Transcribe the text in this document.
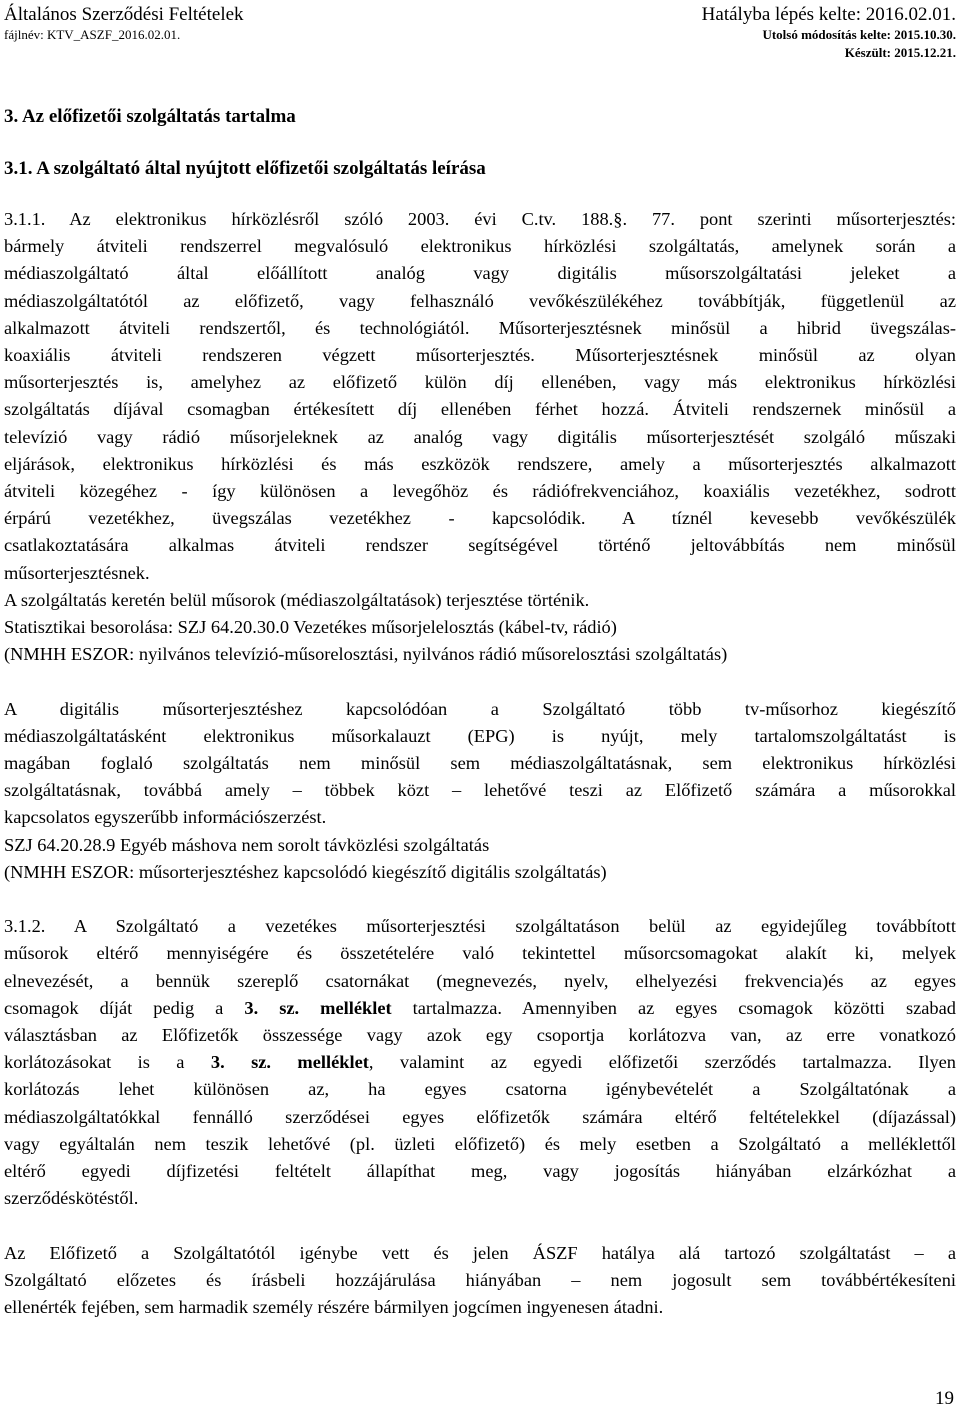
Általános Szerződési Feltételek
fájlnév: KTV_ASZF_2016.02.01.
Hatályba lépés kelte: 2016.02.01.
Utolsó módosítás kelte: 2015.10.30.
Készült: 2015.12.21.
3. Az előfizetői szolgáltatás tartalma
3.1. A szolgáltató által nyújtott előfizetői szolgáltatás leírása

3.1.1. Az elektronikus hírközlésről szóló 2003. évi C.tv. 188.§. 77. pont szerinti műsorterjesztés:

bármely átviteli rendszerrel megvalósuló elektronikus hírközlési szolgáltatás, amelynek során a

médiaszolgáltató által előállított analóg vagy digitális műsorszolgáltatási jeleket a

médiaszolgáltatótól az előfizető, vagy felhasználó vevőkészülékéhez továbbítják, függetlenül az

alkalmazott átviteli rendszertől, és technológiától. Műsorterjesztésnek minősül a hibrid üvegszálas-

koaxiális átviteli rendszeren végzett műsorterjesztés. Műsorterjesztésnek minősül az olyan

műsorterjesztés is, amelyhez az előfizető külön díj ellenében, vagy más elektronikus hírközlési

szolgáltatás díjával csomagban értékesített díj ellenében férhet hozzá. Átviteli rendszernek minősül a

televízió vagy rádió műsorjeleknek az analóg vagy digitális műsorterjesztését szolgáló műszaki

eljárások, elektronikus hírközlési és más eszközök rendszere, amely a műsorterjesztés alkalmazott

átviteli közegéhez - így különösen a levegőhöz és rádiófrekvenciához, koaxiális vezetékhez, sodrott

érpárú vezetékhez, üvegszálas vezetékhez - kapcsolódik. A tíznél kevesebb vevőkészülék

csatlakoztatására alkalmas átviteli rendszer segítségével történő jeltovábbítás nem minősül

műsorterjesztésnek.

A szolgáltatás keretén belül műsorok (médiaszolgáltatások) terjesztése történik.

Statisztikai besorolása: SZJ 64.20.30.0 Vezetékes műsorjelelosztás (kábel-tv, rádió)

(NMHH ESZOR: nyilvános televízió-műsorelosztási, nyilvános rádió műsorelosztási szolgáltatás)

A digitális műsorterjesztéshez kapcsolódóan a Szolgáltató több tv-műsorhoz kiegészítő

médiaszolgáltatásként elektronikus műsorkalauzt (EPG) is nyújt, mely tartalomszolgáltatást is

magában foglaló szolgáltatás nem minősül sem médiaszolgáltatásnak, sem elektronikus hírközlési

szolgáltatásnak, továbbá amely – többek közt – lehetővé teszi az Előfizető számára a műsorokkal

kapcsolatos egyszerűbb információszerzést.

SZJ 64.20.28.9 Egyéb máshova nem sorolt távközlési szolgáltatás

(NMHH ESZOR: műsorterjesztéshez kapcsolódó kiegészítő digitális szolgáltatás)

3.1.2. A Szolgáltató a vezetékes műsorterjesztési szolgáltatáson belül az egyidejűleg továbbított

műsorok eltérő mennyiségére és összetételére való tekintettel műsorcsomagokat alakít ki, melyek

elnevezését, a bennük szereplő csatornákat (megnevezés, nyelv, elhelyezési frekvencia)és az egyes

csomagok díját pedig a 3. sz. melléklet tartalmazza. Amennyiben az egyes csomagok közötti szabad

választásban az Előfizetők összessége vagy azok egy csoportja korlátozva van, az erre vonatkozó

korlátozásokat is a 3. sz. melléklet, valamint az egyedi előfizetői szerződés tartalmazza. Ilyen

korlátozás lehet különösen az, ha egyes csatorna igénybevételét a Szolgáltatónak a

médiaszolgáltatókkal fennálló szerződései egyes előfizetők számára eltérő feltételekkel (díjazással)

vagy egyáltalán nem teszik lehetővé (pl. üzleti előfizető) és mely esetben a Szolgáltató a melléklettől

eltérő egyedi díjfizetési feltételt állapíthat meg, vagy jogosítás hiányában elzárkózhat a

szerződéskötéstől.

Az Előfizető a Szolgáltatótól igénybe vett és jelen ÁSZF hatálya alá tartozó szolgáltatást – a

Szolgáltató előzetes és írásbeli hozzájárulása hiányában – nem jogosult sem továbbértékesíteni

ellenérték fejében, sem harmadik személy részére bármilyen jogcímen ingyenesen átadni.

19
